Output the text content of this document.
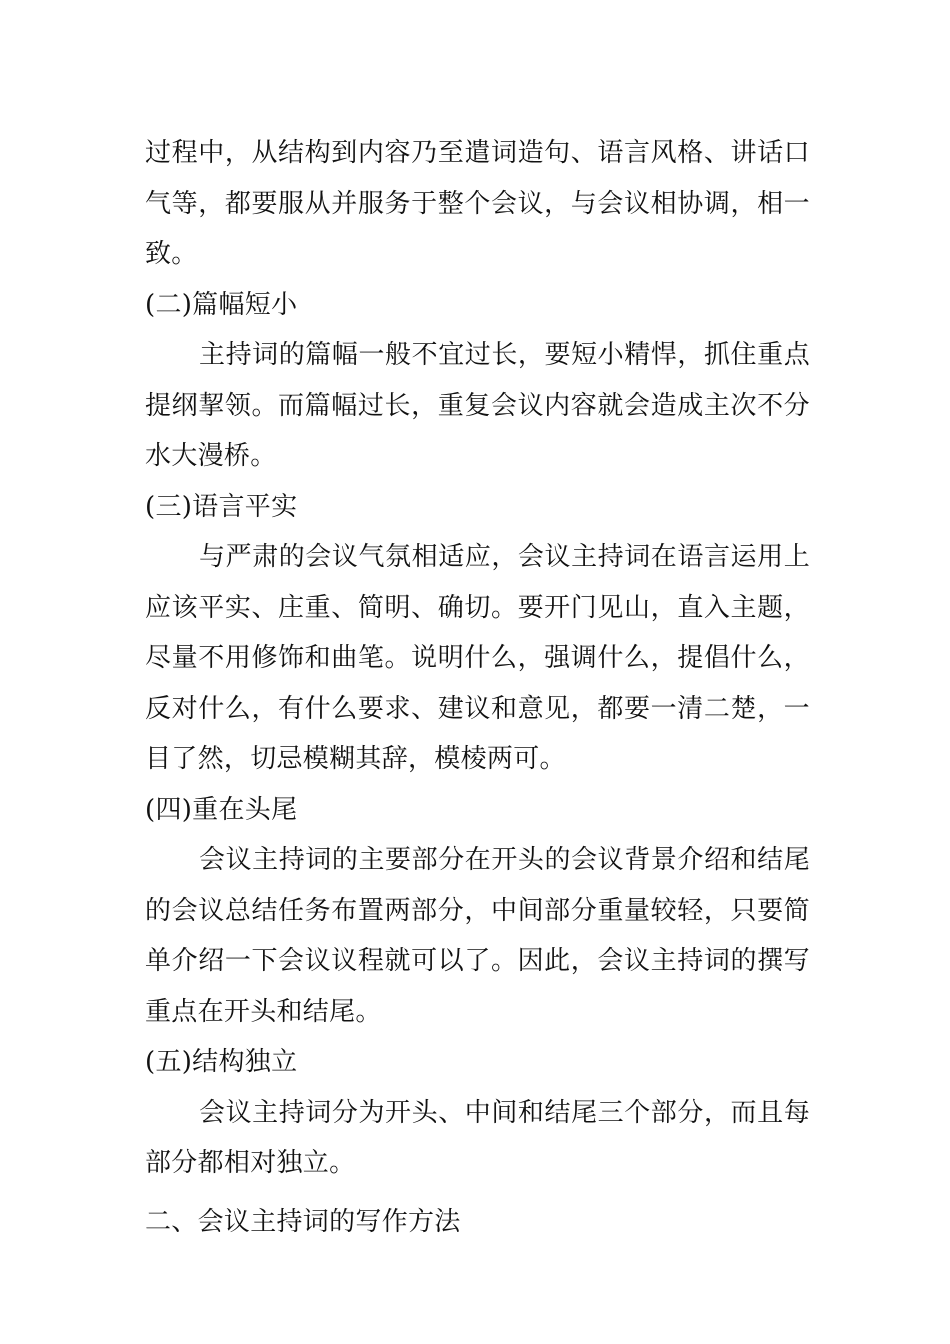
过程中，从结构到内容乃至遣词造句、语言风格、讲话口气等，都要服从并服务于整个会议，与会议相协调，相一致。

(二)篇幅短小

主持词的篇幅一般不宜过长，要短小精悍，抓住重点提纲挈领。而篇幅过长，重复会议内容就会造成主次不分水大漫桥。

(三)语言平实

与严肃的会议气氛相适应，会议主持词在语言运用上应该平实、庄重、简明、确切。要开门见山，直入主题，尽量不用修饰和曲笔。说明什么，强调什么，提倡什么，反对什么，有什么要求、建议和意见，都要一清二楚，一目了然，切忌模糊其辞，模棱两可。

(四)重在头尾

会议主持词的主要部分在开头的会议背景介绍和结尾的会议总结任务布置两部分，中间部分重量较轻，只要简单介绍一下会议议程就可以了。因此，会议主持词的撰写重点在开头和结尾。

(五)结构独立

会议主持词分为开头、中间和结尾三个部分，而且每部分都相对独立。

二、会议主持词的写作方法
